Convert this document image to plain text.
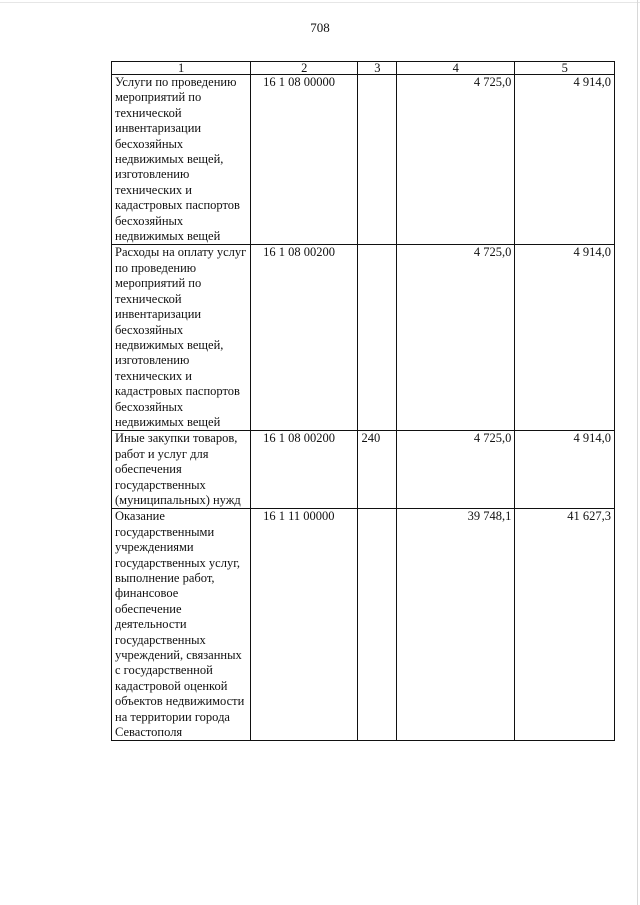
708
1	2	3	4	5
Услуги по проведению мероприятий по технической инвентаризации бесхозяйных недвижимых вещей, изготовлению технических и кадастровых паспортов бесхозяйных недвижимых вещей	16 1 08 00000		4 725,0	4 914,0
Расходы на оплату услуг по проведению мероприятий по технической инвентаризации бесхозяйных недвижимых вещей, изготовлению технических и кадастровых паспортов бесхозяйных недвижимых вещей	16 1 08 00200		4 725,0	4 914,0
Иные закупки товаров, работ и услуг для обеспечения государственных (муниципальных) нужд	16 1 08 00200	240	4 725,0	4 914,0
Оказание государственными учреждениями государственных услуг, выполнение работ, финансовое обеспечение деятельности государственных учреждений, связанных с государственной кадастровой оценкой объектов недвижимости на территории города Севастополя	16 1 11 00000		39 748,1	41 627,3
